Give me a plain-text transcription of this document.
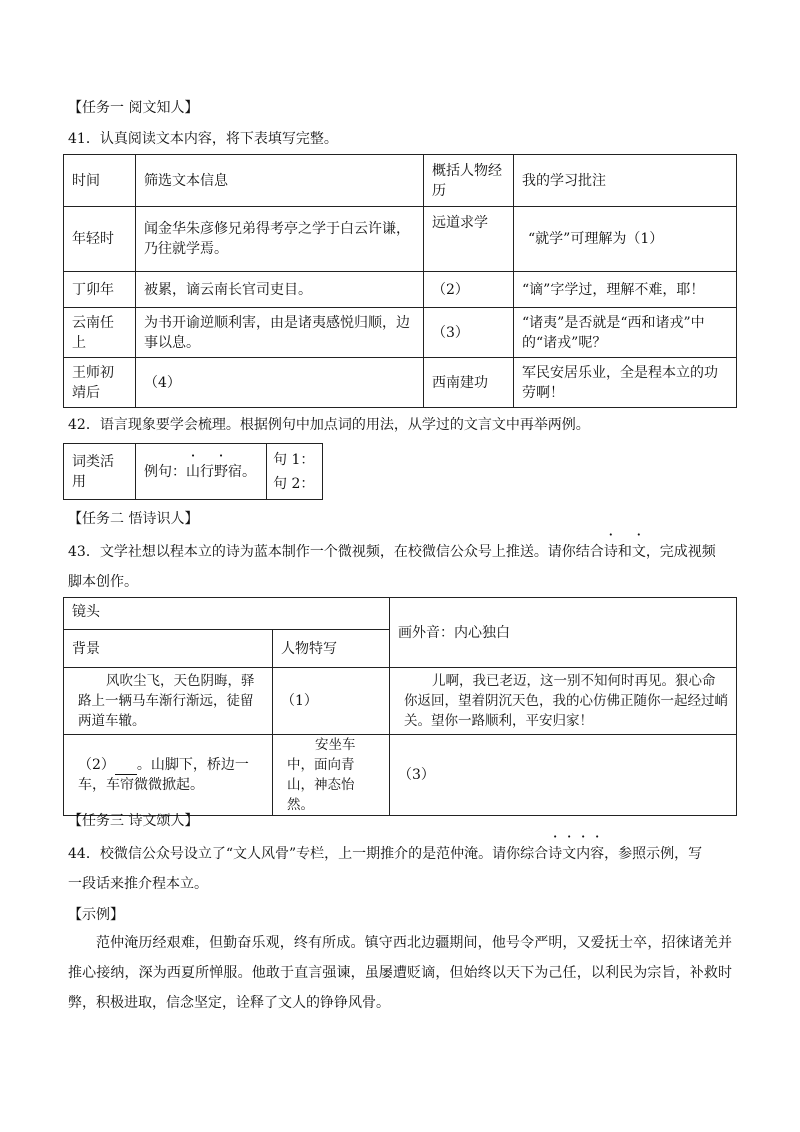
【任务一 阅文知人】
41．认真阅读文本内容，将下表填写完整。
时间	筛选文本信息	概括人物经历	我的学习批注
年轻时	闻金华朱彦修兄弟得考亭之学于白云许谦，乃往就学焉。	远道求学	“就学”可理解为（1）
丁卯年	被累，谪云南长官司吏目。	（2）	“谪”字学过，理解不难，耶！
云南任上	为书开谕逆顺利害，由是诸夷感悦归顺，边事以息。	（3）	“诸夷”是否就是“西和诸戎”中的“诸戎”呢？
王师初靖后	（4）	西南建功	军民安居乐业，全是程本立的功劳啊！
42．语言现象要学会梳理。根据例句中加点词的用法，从学过的文言文中再举两例。
词类活用	例句：山行野宿。	
句 1：
句 2：
【任务二 悟诗识人】
43．文学社想以程本立的诗为蓝本制作一个微视频，在校微信公众号上推送。请你结合诗和文，完成视频
脚本创作。
镜头		画外音：内心独白
背景	人物特写	

风吹尘飞，天色阴晦，驿路上一辆马车渐行渐远，徒留两道车辙。	（1）	儿啊，我已老迈，这一别不知何时再见。狠心命你返回，望着阴沉天色，我的心仿佛正随你一起经过峭关。望你一路顺利，平安归家！

（2） 。山脚下，桥边一车，车帘微微掀起。	安坐车中，面向青山，神态怡然。	（3）
【任务三 诗文颂人】
44．校微信公众号设立了“文人风骨”专栏，上一期推介的是范仲淹。请你综合诗文内容，参照示例，写
一段话来推介程本立。
【示例】
范仲淹历经艰难，但勤奋乐观，终有所成。镇守西北边疆期间，他号令严明，又爱抚士卒，招徕诸羌并推心接纳，深为西夏所惮服。他敢于直言强谏，虽屡遭贬谪，但始终以天下为己任，以利民为宗旨，补救时弊，积极进取，信念坚定，诠释了文人的铮铮风骨。
